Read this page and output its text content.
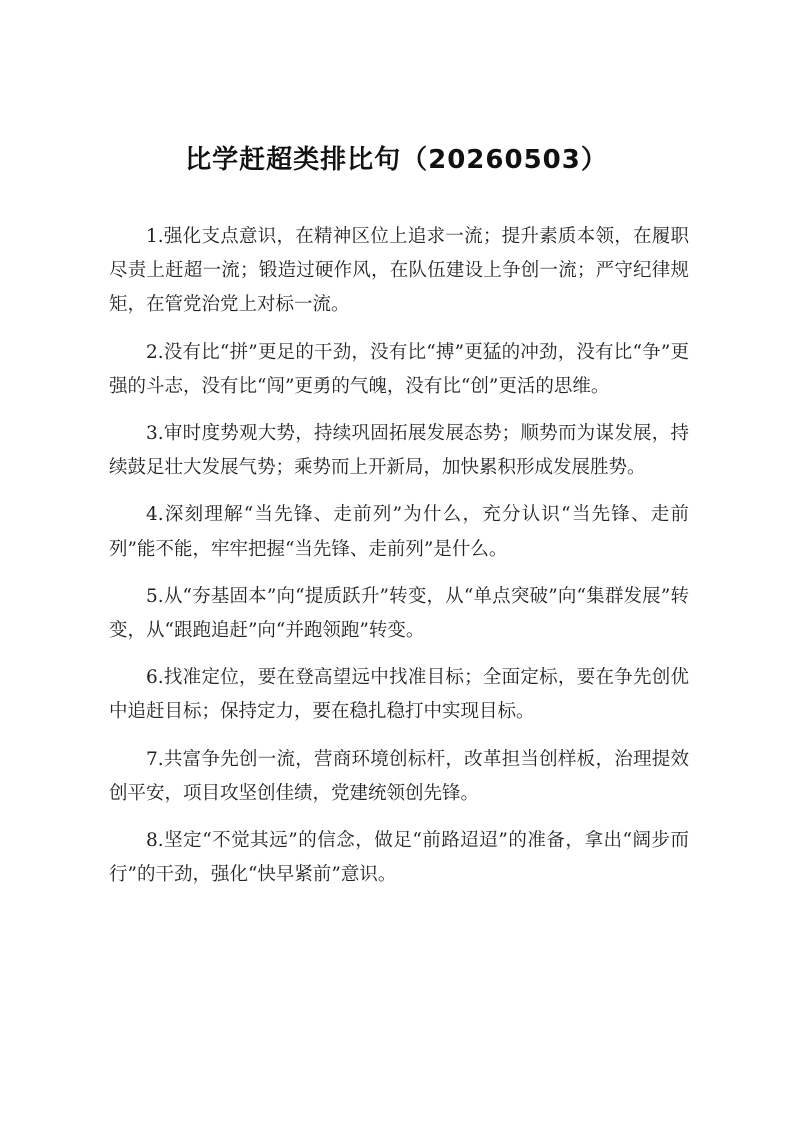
比学赶超类排比句（20260503）

1.强化支点意识，在精神区位上追求一流；提升素质本领，在履职尽责上赶超一流；锻造过硬作风，在队伍建设上争创一流；严守纪律规矩，在管党治党上对标一流。

2.没有比“拼”更足的干劲，没有比“搏”更猛的冲劲，没有比“争”更强的斗志，没有比“闯”更勇的气魄，没有比“创”更活的思维。

3.审时度势观大势，持续巩固拓展发展态势；顺势而为谋发展，持续鼓足壮大发展气势；乘势而上开新局，加快累积形成发展胜势。

4.深刻理解“当先锋、走前列”为什么，充分认识“当先锋、走前列”能不能，牢牢把握“当先锋、走前列”是什么。

5.从“夯基固本”向“提质跃升”转变，从“单点突破”向“集群发展”转变，从“跟跑追赶”向“并跑领跑”转变。

6.找准定位，要在登高望远中找准目标；全面定标，要在争先创优中追赶目标；保持定力，要在稳扎稳打中实现目标。

7.共富争先创一流，营商环境创标杆，改革担当创样板，治理提效创平安，项目攻坚创佳绩，党建统领创先锋。

8.坚定“不觉其远”的信念，做足“前路迢迢”的准备，拿出“阔步而行”的干劲，强化“快早紧前”意识。
